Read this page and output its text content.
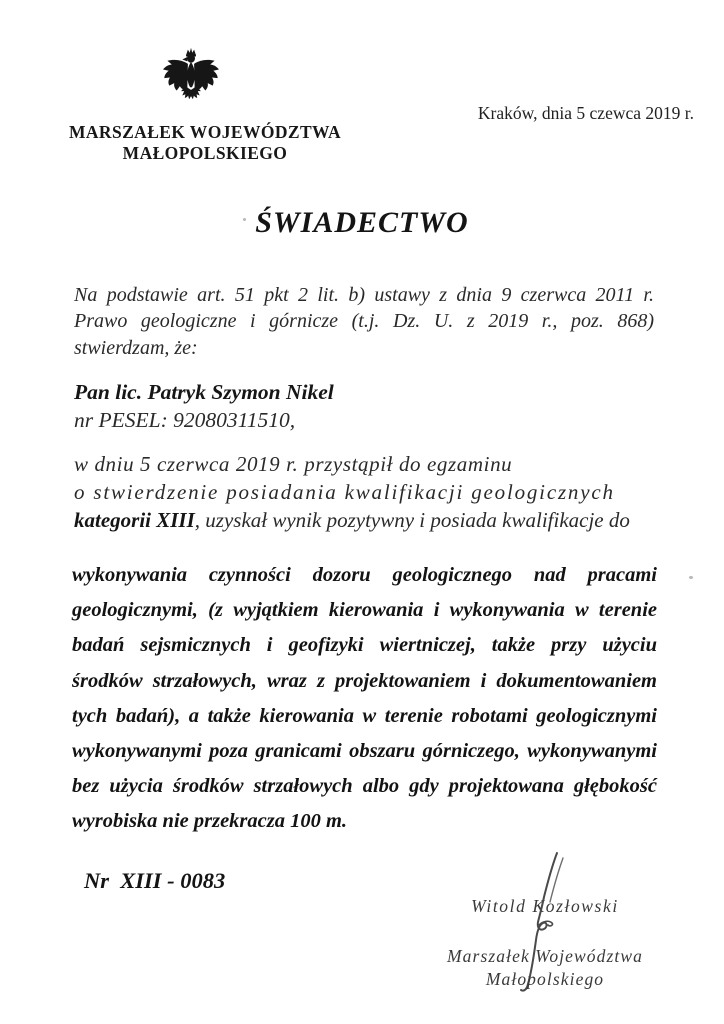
MARSZAŁEK WOJEWÓDZTWA
MAŁOPOLSKIEGO
Kraków, dnia 5 czewca 2019 r.
ŚWIADECTWO
Na podstawie art. 51 pkt 2 lit. b) ustawy z dnia 9 czerwca 2011 r.
Prawo geologiczne i górnicze (t.j. Dz. U. z 2019 r., poz. 868)
stwierdzam, że:
Pan lic. Patryk Szymon Nikel
nr PESEL: 92080311510,
w dniu 5 czerwca 2019 r. przystąpił do egzaminu
o stwierdzenie posiadania kwalifikacji geologicznych
kategorii XIII, uzyskał wynik pozytywny i posiada kwalifikacje do
wykonywania czynności dozoru geologicznego nad pracami
geologicznymi, (z wyjątkiem kierowania i wykonywania w terenie
badań sejsmicznych i geofizyki wiertniczej, także przy użyciu
środków strzałowych, wraz z projektowaniem i dokumentowaniem
tych badań), a także kierowania w terenie robotami geologicznymi
wykonywanymi poza granicami obszaru górniczego, wykonywanymi
bez użycia środków strzałowych albo gdy projektowana głębokość
wyrobiska nie przekracza 100 m.
Nr  XIII - 0083
Witold Kozłowski
Marszałek Województwa
Małopolskiego
